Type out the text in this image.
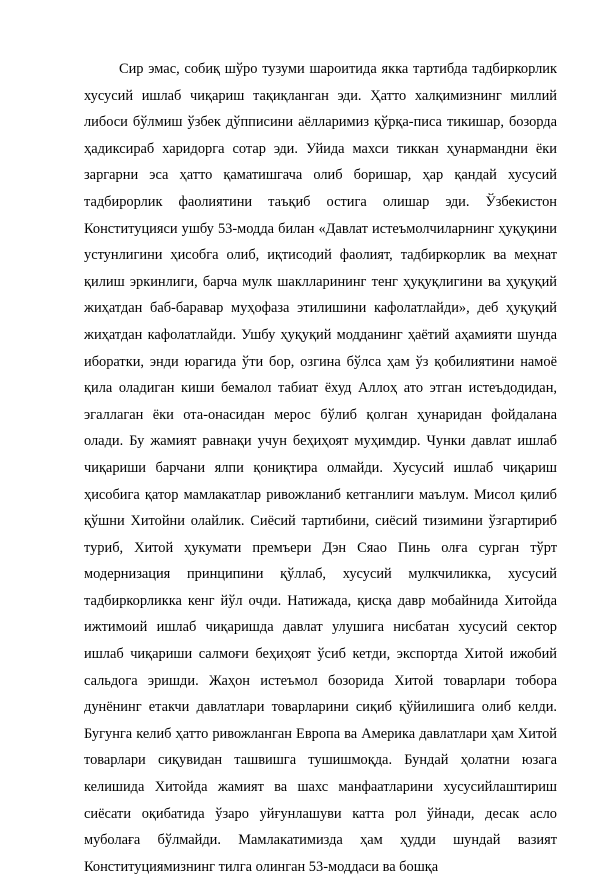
Сир эмас, собиқ шўро тузуми шароитида якка тартибда тадбиркорлик хусусий ишлаб чиқариш тақиқланган эди. Ҳатто халқимизнинг миллий либоси бўлмиш ўзбек дўпписини аёлларимиз қўрқа-писа тикишар, бозорда ҳадиксираб харидорга сотар эди. Уйида махси тиккан ҳунармандни ёки заргарни эса ҳатто қаматишгача олиб боришар, ҳар қандай хусусий тадбирорлик фаолиятини таъқиб остига олишар эди. Ўзбекистон Конституцияси ушбу 53-модда билан «Давлат истеъмолчиларнинг ҳуқуқини устунлигини ҳисобга олиб, иқтисодий фаолият, тадбиркорлик ва меҳнат қилиш эркинлиги, барча мулк шаклларининг тенг ҳуқуқлигини ва ҳуқуқий жиҳатдан баб-баравар муҳофаза этилишини кафолатлайди», деб ҳуқуқий жиҳатдан кафолатлайди. Ушбу ҳуқуқий модданинг ҳаётий аҳамияти шунда иборатки, энди юрагида ўти бор, озгина бўлса ҳам ўз қобилиятини намоё қила оладиган киши бемалол табиат ёхуд Аллоҳ ато этган истеъдодидан, эгаллаган ёки ота-онасидан мерос бўлиб қолган ҳунаридан фойдалана олади. Бу жамият равнақи учун беҳиҳоят муҳимдир. Чунки давлат ишлаб чиқариши барчани ялпи қониқтира олмайди. Хусусий ишлаб чиқариш ҳисобига қатор мамлакатлар ривожланиб кетганлиги маълум. Мисол қилиб қўшни Хитойни олайлик. Сиёсий тартибини, сиёсий тизимини ўзгартириб туриб, Хитой ҳукумати премъери Дэн Сяао Пинь олға сурган тўрт модернизация принципини қўллаб, хусусий мулкчиликка, хусусий тадбиркорликка кенг йўл очди. Натижада, қисқа давр мобайнида Хитойда ижтимоий ишлаб чиқаришда давлат улушига нисбатан хусусий сектор ишлаб чиқариши салмоғи беҳиҳоят ўсиб кетди, экспортда Хитой ижобий сальдога эришди. Жаҳон истеъмол бозорида Хитой товарлари тобора дунёнинг етакчи давлатлари товарларини сиқиб қўйилишига олиб келди. Бугунга келиб ҳатто ривожланган Европа ва Америка давлатлари ҳам Хитой товарлари сиқувидан ташвишга тушишмоқда. Бундай ҳолатни юзага келишида Хитойда жамият ва шахс манфаатларини хусусийлаштириш сиёсати оқибатида ўзаро уйғунлашуви катта рол ўйнади, десак асло муболаға бўлмайди. Мамлакатимизда ҳам ҳудди шундай вазият Конституциямизнинг тилга олинган 53-моддаси ва бошқа
